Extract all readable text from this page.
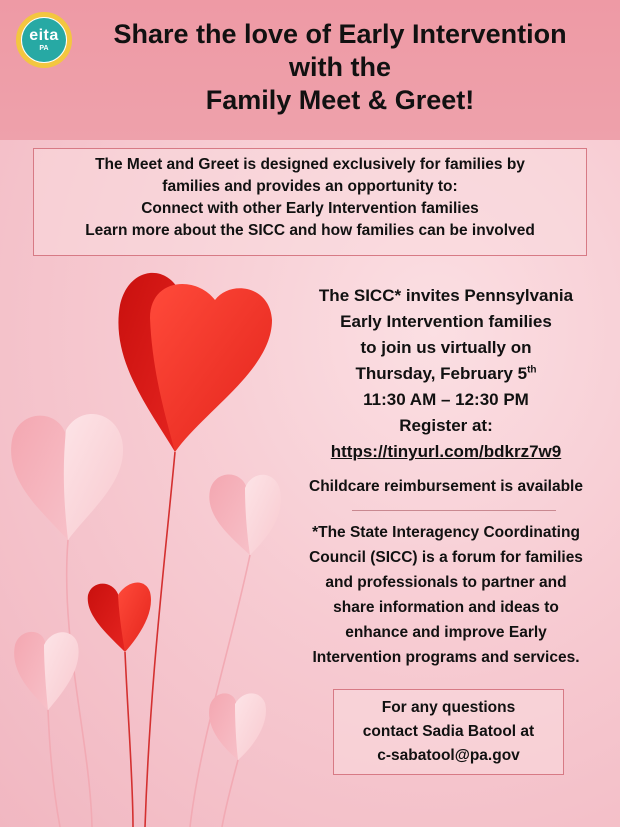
eita
PA	Share the love of Early Intervention
with the
Family Meet & Greet!
The Meet and Greet is designed exclusively for families by
families and provides an opportunity to:
Connect with other Early Intervention families
Learn more about the SICC and how families can be involved
The SICC* invites Pennsylvania
Early Intervention families
to join us virtually on
Thursday, February 5th
11:30 AM – 12:30 PM
Register at:
https://tinyurl.com/bdkrz7w9
Childcare reimbursement is available
*The State Interagency Coordinating
Council (SICC) is a forum for families
and professionals to partner and
share information and ideas to
enhance and improve Early
Intervention programs and services.
For any questions
contact Sadia Batool at
c-sabatool@pa.gov
